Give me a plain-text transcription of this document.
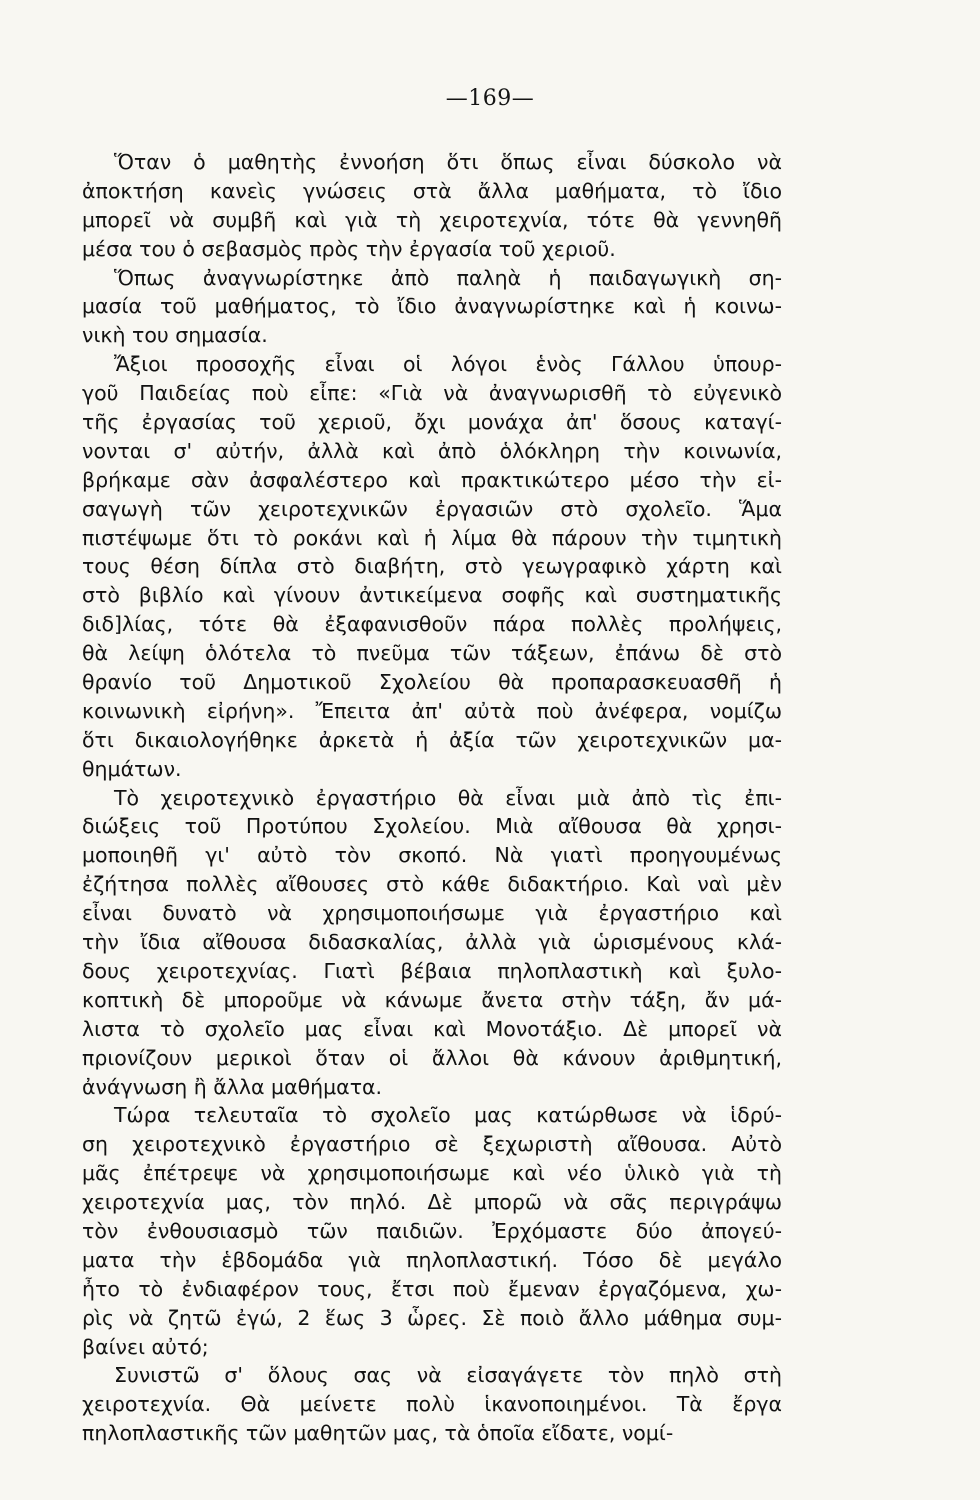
—169—
Ὅταν ὁ μαθητὴς ἐννοήση ὅτι ὅπως εἶναι δύσκολο νὰ
ἀποκτήση κανεὶς γνώσεις στὰ ἄλλα μαθήματα, τὸ ἴδιο
μπορεῖ νὰ συμβῆ καὶ γιὰ τὴ χειροτεχνία, τότε θὰ γεννηθῆ
μέσα του ὁ σεβασμὸς πρὸς τὴν ἐργασία τοῦ χεριοῦ.
Ὅπως ἀναγνωρίστηκε ἀπὸ παληὰ ἡ παιδαγωγικὴ ση-
μασία τοῦ μαθήματος, τὸ ἴδιο ἀναγνωρίστηκε καὶ ἡ κοινω-
νικὴ του σημασία.
Ἄξιοι προσοχῆς εἶναι οἱ λόγοι ἑνὸς Γάλλου ὑπουρ-
γοῦ Παιδείας ποὺ εἶπε: «Γιὰ νὰ ἀναγνωρισθῆ τὸ εὐγενικὸ
τῆς ἐργασίας τοῦ χεριοῦ, ὄχι μονάχα ἀπ' ὅσους καταγί-
νονται σ' αὐτήν, ἀλλὰ καὶ ἀπὸ ὁλόκληρη τὴν κοινωνία,
βρήκαμε σὰν ἀσφαλέστερο καὶ πρακτικώτερο μέσο τὴν εἰ-
σαγωγὴ τῶν χειροτεχνικῶν ἐργασιῶν στὸ σχολεῖο. Ἅμα
πιστέψωμε ὅτι τὸ ροκάνι καὶ ἡ λίμα θὰ πάρουν τὴν τιμητικὴ
τους θέση δίπλα στὸ διαβήτη, στὸ γεωγραφικὸ χάρτη καὶ
στὸ βιβλίο καὶ γίνουν ἀντικείμενα σοφῆς καὶ συστηματικῆς
διδ]λίας, τότε θὰ ἐξαφανισθοῦν πάρα πολλὲς προλήψεις,
θὰ λείψη ὁλότελα τὸ πνεῦμα τῶν τάξεων, ἐπάνω δὲ στὸ
θρανίο τοῦ Δημοτικοῦ Σχολείου θὰ προπαρασκευασθῆ ἡ
κοινωνικὴ εἰρήνη». Ἔπειτα ἀπ' αὐτὰ ποὺ ἀνέφερα, νομίζω
ὅτι δικαιολογήθηκε ἀρκετὰ ἡ ἀξία τῶν χειροτεχνικῶν μα-
θημάτων.
Τὸ χειροτεχνικὸ ἐργαστήριο θὰ εἶναι μιὰ ἀπὸ τὶς ἐπι-
διώξεις τοῦ Προτύπου Σχολείου. Μιὰ αἴθουσα θὰ χρησι-
μοποιηθῆ γι' αὐτὸ τὸν σκοπό. Νὰ γιατὶ προηγουμένως
ἐζήτησα πολλὲς αἴθουσες στὸ κάθε διδακτήριο. Καὶ ναὶ μὲν
εἶναι δυνατὸ νὰ χρησιμοποιήσωμε γιὰ ἐργαστήριο καὶ
τὴν ἴδια αἴθουσα διδασκαλίας, ἀλλὰ γιὰ ὡρισμένους κλά-
δους χειροτεχνίας. Γιατὶ βέβαια πηλοπλαστικὴ καὶ ξυλο-
κοπτικὴ δὲ μποροῦμε νὰ κάνωμε ἄνετα στὴν τάξη, ἄν μά-
λιστα τὸ σχολεῖο μας εἶναι καὶ Μονοτάξιο. Δὲ μπορεῖ νὰ
πριονίζουν μερικοὶ ὅταν οἱ ἄλλοι θὰ κάνουν ἀριθμητική,
ἀνάγνωση ἢ ἄλλα μαθήματα.
Τώρα τελευταῖα τὸ σχολεῖο μας κατώρθωσε νὰ ἱδρύ-
ση χειροτεχνικὸ ἐργαστήριο σὲ ξεχωριστὴ αἴθουσα. Αὐτὸ
μᾶς ἐπέτρεψε νὰ χρησιμοποιήσωμε καὶ νέο ὑλικὸ γιὰ τὴ
χειροτεχνία μας, τὸν πηλό. Δὲ μπορῶ νὰ σᾶς περιγράψω
τὸν ἐνθουσιασμὸ τῶν παιδιῶν. Ἐρχόμαστε δύο ἀπογεύ-
ματα τὴν ἑβδομάδα γιὰ πηλοπλαστική. Τόσο δὲ μεγάλο
ἦτο τὸ ἐνδιαφέρον τους, ἔτσι ποὺ ἔμεναν ἐργαζόμενα, χω-
ρὶς νὰ ζητῶ ἐγώ, 2 ἕως 3 ὧρες. Σὲ ποιὸ ἄλλο μάθημα συμ-
βαίνει αὐτό;
Συνιστῶ σ' ὅλους σας νὰ εἰσαγάγετε τὸν πηλὸ στὴ
χειροτεχνία. Θὰ μείνετε πολὺ ἱκανοποιημένοι. Τὰ ἔργα
πηλοπλαστικῆς τῶν μαθητῶν μας, τὰ ὁποῖα εἴδατε, νομί-
